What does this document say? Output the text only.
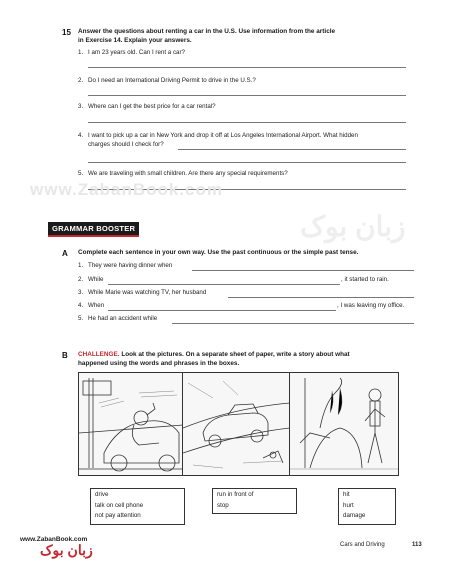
15 Answer the questions about renting a car in the U.S. Use information from the article
in Exercise 14. Explain your answers.
1. I am 23 years old. Can I rent a car?
2. Do I need an International Driving Permit to drive in the U.S.?
3. Where can I get the best price for a car rental?
4. I want to pick up a car in New York and drop it off at Los Angeles International Airport. What hidden
charges should I check for?
5. We are traveling with small children. Are there any special requirements?
www.ZabanBook.com
زبان بوک
GRAMMAR BOOSTER
A Complete each sentence in your own way. Use the past continuous or the simple past tense.
1. They were having dinner when
2. While	, it started to rain.
3. While Marie was watching TV, her husband
4. When	, I was leaving my office.
5. He had an accident while
B CHALLENGE. Look at the pictures. On a separate sheet of paper, write a story about what
happened using the words and phrases in the boxes.
drive
talk on cell phone
not pay attention
run in front of
stop
hit
hurt
damage
www.ZabanBook.com
زبان بوک	Cars and Driving	113
